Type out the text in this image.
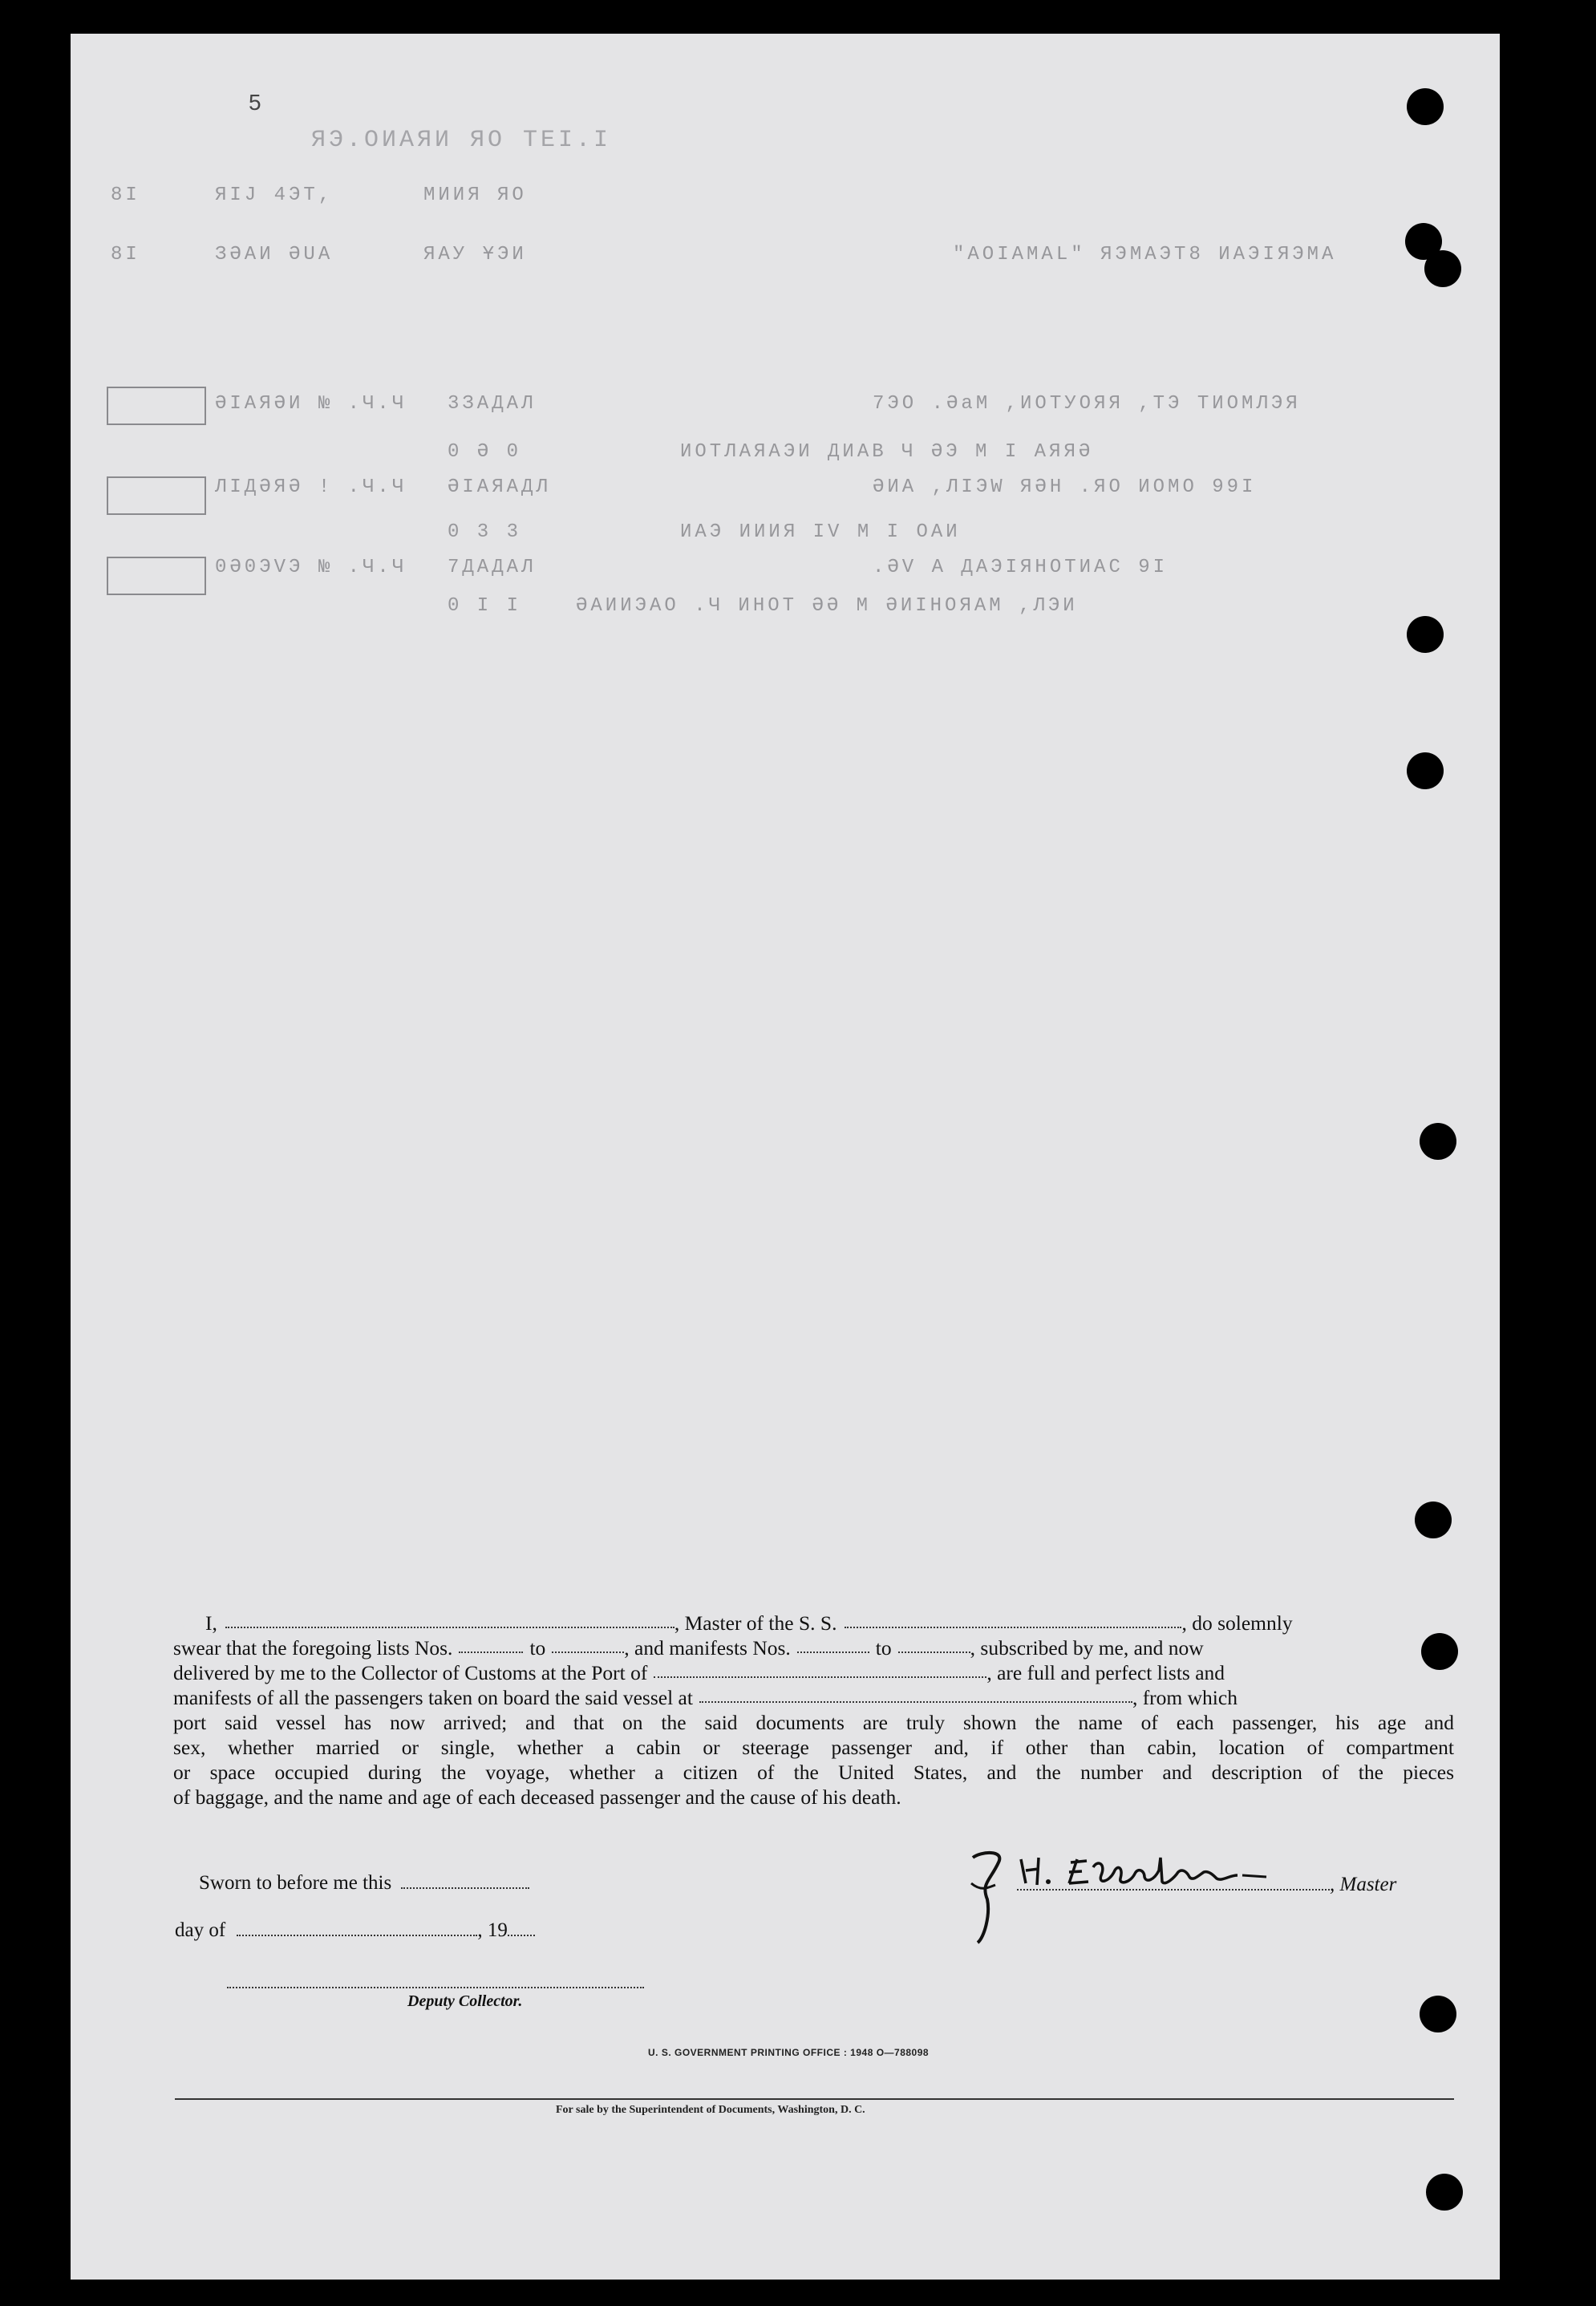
5
ЯЭ.ОИАЯИ ЯО ТЕІ.І
8Ӏ	ЯIJ 4ЭТ,	МИИЯ ЯО
8Ӏ	ЗӘАИ ӘUА	ЯАУ ҰЭИ	"АОІАМАL" ЯЭМАЭТ8 ИАЭІЯЭМА
ӘІАЯӘИ № .Ч.Ч 3ЗАДАЛ	7ЭО .ӘаМ ,ИОТУОЯЯ ,ТЭ ТИОМЛЭЯ
0 Ә 0	ИОТЛАЯАЭИ ДИАВ Ч ӘЭ М Ӏ АЯЯӘ
ЛІДӘЯӘ ! .Ч.Ч ӘІАЯАДЛ	ӘИА ,ЛІЭW ЯӘН .ЯО ИОМО 99Ӏ
0 3 3	ИАЭ ИИИЯ ӀV М Ӏ ОАИ
0Ә0ЭVЭ № .Ч.Ч 7ДАДАЛ	.ӘV А ДАЭІЯНОТИАС 9Ӏ
0 Ӏ Ӏ	ӘАИИЭАО .Ч ИНОТ ӘӘ М ӘИІНОЯАМ ,ЛЭИ
I,	, Master of the S. S.	, do solemnly
swear that the foregoing lists Nos.	to	, and manifests Nos.	to	, subscribed by me, and now
delivered by me to the Collector of Customs at the Port of	, are full and perfect lists and
manifests of all the passengers taken on board the said vessel at	, from which
port said vessel has now arrived; and that on the said documents are truly shown the name of each passenger, his age and
sex, whether married or single, whether a cabin or steerage passenger and, if other than cabin, location of compartment
or space occupied during the voyage, whether a citizen of the United States, and the number and description of the pieces
of baggage, and the name and age of each deceased passenger and the cause of his death.
Sworn to before me this	, Master
day of	, 19
Deputy Collector.
U. S. GOVERNMENT PRINTING OFFICE : 1948 O—788098
For sale by the Superintendent of Documents, Washington, D. C.
